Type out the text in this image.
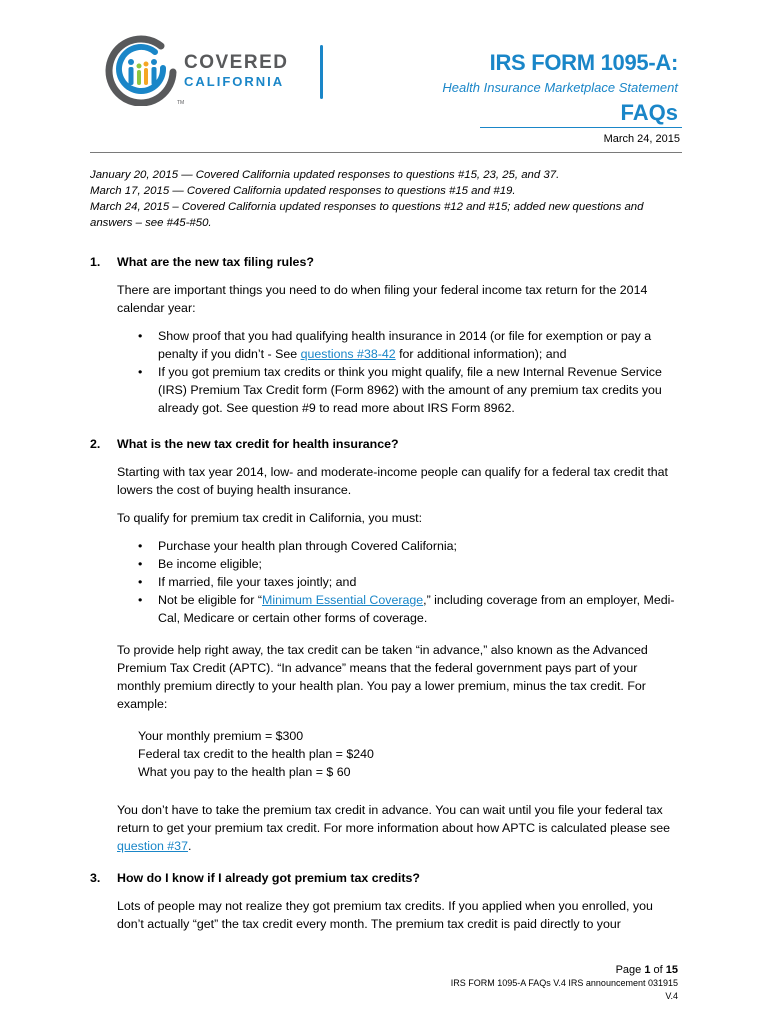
COVERED
CALIFORNIA
TM
IRS FORM 1095-A:
Health Insurance Marketplace Statement
FAQs
March 24, 2015
January 20, 2015 — Covered California updated responses to questions #15, 23, 25, and 37.
March 17, 2015 — Covered California updated responses to questions #15 and #19.
March 24, 2015 – Covered California updated responses to questions #12 and #15; added new questions and answers – see #45-#50.
1. What are the new tax filing rules?

There are important things you need to do when filing your federal income tax return for the 2014 calendar year:

• Show proof that you had qualifying health insurance in 2014 (or file for exemption or pay a penalty if you didn’t - See questions #38-42 for additional information); and
• If you got premium tax credits or think you might qualify, file a new Internal Revenue Service (IRS) Premium Tax Credit form (Form 8962) with the amount of any premium tax credits you already got. See question #9 to read more about IRS Form 8962.
2. What is the new tax credit for health insurance?

Starting with tax year 2014, low- and moderate-income people can qualify for a federal tax credit that lowers the cost of buying health insurance.

To qualify for premium tax credit in California, you must:

• Purchase your health plan through Covered California;
• Be income eligible;
• If married, file your taxes jointly; and
• Not be eligible for “Minimum Essential Coverage,” including coverage from an employer, Medi-Cal, Medicare or certain other forms of coverage.

To provide help right away, the tax credit can be taken “in advance,” also known as the Advanced Premium Tax Credit (APTC). “In advance” means that the federal government pays part of your monthly premium directly to your health plan. You pay a lower premium, minus the tax credit. For example:

Your monthly premium = $300
Federal tax credit to the health plan = $240
What you pay to the health plan = $ 60

You don’t have to take the premium tax credit in advance. You can wait until you file your federal tax return to get your premium tax credit. For more information about how APTC is calculated please see question #37.

3. How do I know if I already got premium tax credits?

Lots of people may not realize they got premium tax credits. If you applied when you enrolled, you don’t actually “get” the tax credit every month. The premium tax credit is paid directly to your

Page 1 of 15
IRS FORM 1095-A FAQs V.4 IRS announcement 031915
V.4
